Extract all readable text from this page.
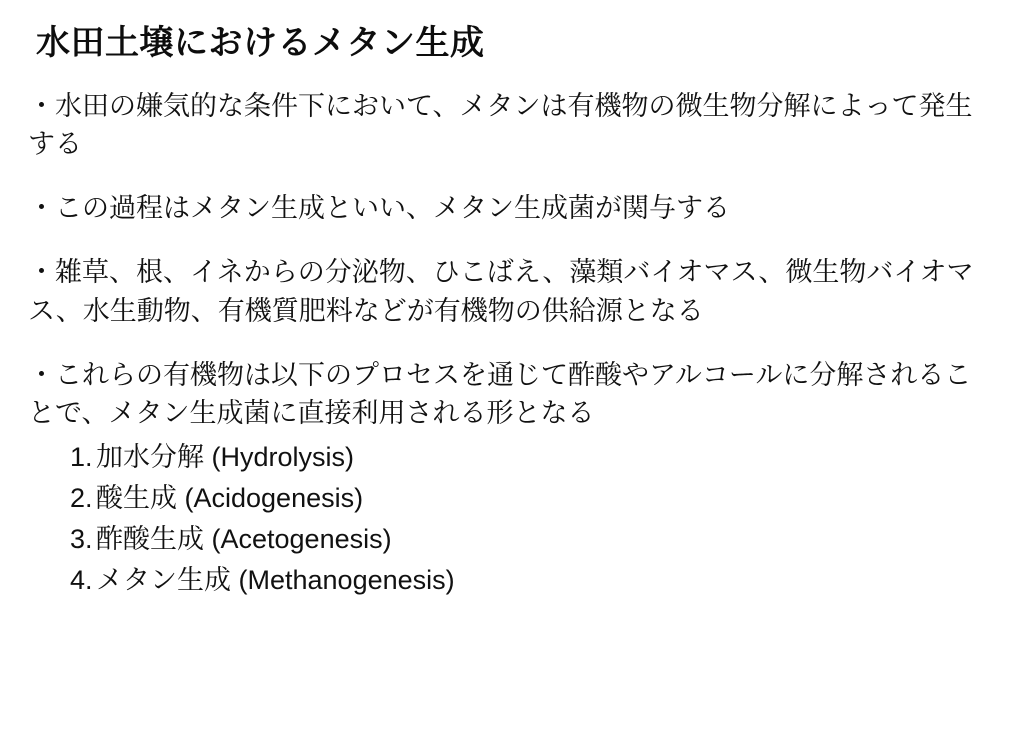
水田土壌におけるメタン生成

・水田の嫌気的な条件下において、メタンは有機物の微生物分解によって発生する

・この過程はメタン生成といい、メタン生成菌が関与する

・雑草、根、イネからの分泌物、ひこばえ、藻類バイオマス、微生物バイオマス、水生動物、有機質肥料などが有機物の供給源となる

・これらの有機物は以下のプロセスを通じて酢酸やアルコールに分解されることで、メタン生成菌に直接利用される形となる

1. 加水分解 (Hydrolysis)
2. 酸生成 (Acidogenesis)
3. 酢酸生成 (Acetogenesis)
4. メタン生成 (Methanogenesis)
